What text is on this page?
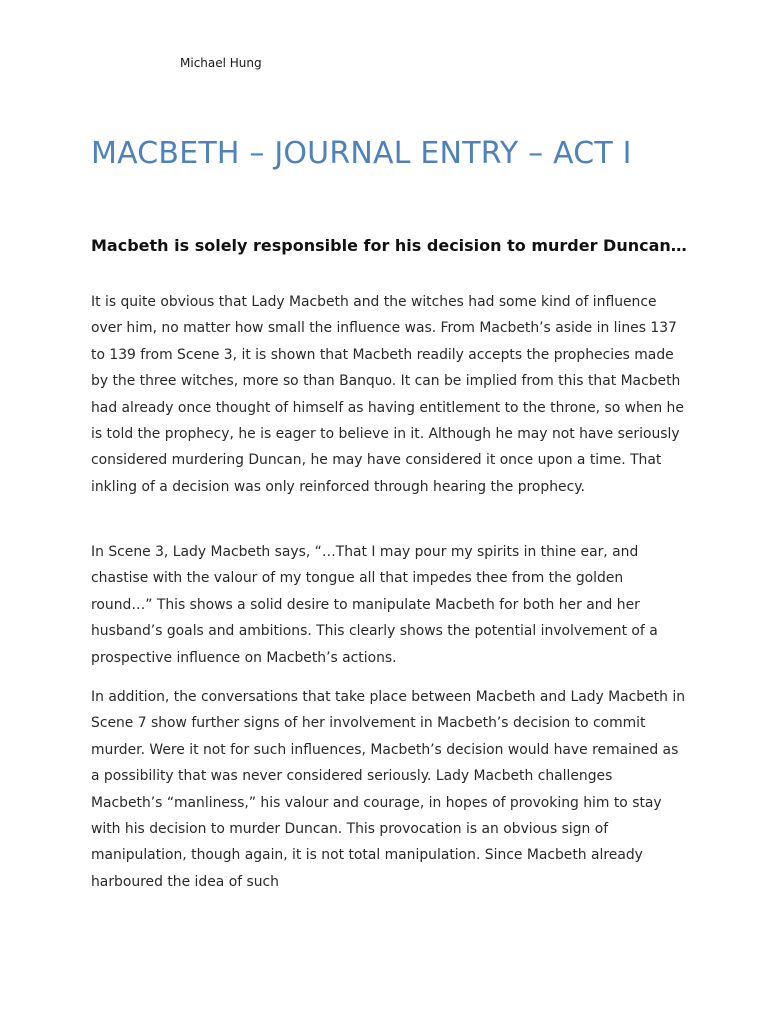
Michael Hung
MACBETH – JOURNAL ENTRY – ACT I
Macbeth is solely responsible for his decision to murder Duncan…

It is quite obvious that Lady Macbeth and the witches had some kind of influence over him, no matter how small the influence was. From Macbeth’s aside in lines 137 to 139 from Scene 3, it is shown that Macbeth readily accepts the prophecies made by the three witches, more so than Banquo. It can be implied from this that Macbeth had already once thought of himself as having entitlement to the throne, so when he is told the prophecy, he is eager to believe in it. Although he may not have seriously considered murdering Duncan, he may have considered it once upon a time. That inkling of a decision was only reinforced through hearing the prophecy.

In Scene 3, Lady Macbeth says, “…That I may pour my spirits in thine ear, and chastise with the valour of my tongue all that impedes thee from the golden round…” This shows a solid desire to manipulate Macbeth for both her and her husband’s goals and ambitions. This clearly shows the potential involvement of a prospective influence on Macbeth’s actions.

In addition, the conversations that take place between Macbeth and Lady Macbeth in Scene 7 show further signs of her involvement in Macbeth’s decision to commit murder. Were it not for such influences, Macbeth’s decision would have remained as a possibility that was never considered seriously. Lady Macbeth challenges Macbeth’s “manliness,” his valour and courage, in hopes of provoking him to stay with his decision to murder Duncan. This provocation is an obvious sign of manipulation, though again, it is not total manipulation. Since Macbeth already harboured the idea of such
